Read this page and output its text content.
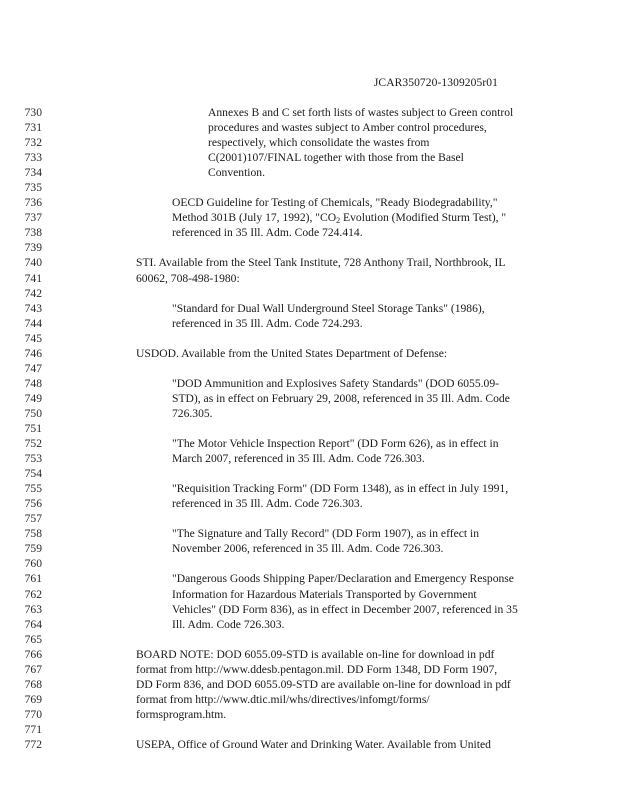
JCAR350720-1309205r01
730	Annexes B and C set forth lists of wastes subject to Green control
731	procedures and wastes subject to Amber control procedures,
732	respectively, which consolidate the wastes from
733	C(2001)107/FINAL together with those from the Basel
734	Convention.
735
736	OECD Guideline for Testing of Chemicals, "Ready Biodegradability,"
737	Method 301B (July 17, 1992), "$CO_2$ Evolution (Modified Sturm Test), "
738	referenced in 35 Ill. Adm. Code 724.414.
739
740	STI. Available from the Steel Tank Institute, 728 Anthony Trail, Northbrook, IL
741	60062, 708-498-1980:
742
743	"Standard for Dual Wall Underground Steel Storage Tanks" (1986),
744	referenced in 35 Ill. Adm. Code 724.293.
745
746	USDOD. Available from the United States Department of Defense:
747
748	"DOD Ammunition and Explosives Safety Standards" (DOD 6055.09-
749	STD), as in effect on February 29, 2008, referenced in 35 Ill. Adm. Code
750	726.305.
751
752	"The Motor Vehicle Inspection Report" (DD Form 626), as in effect in
753	March 2007, referenced in 35 Ill. Adm. Code 726.303.
754
755	"Requisition Tracking Form" (DD Form 1348), as in effect in July 1991,
756	referenced in 35 Ill. Adm. Code 726.303.
757
758	"The Signature and Tally Record" (DD Form 1907), as in effect in
759	November 2006, referenced in 35 Ill. Adm. Code 726.303.
760
761	"Dangerous Goods Shipping Paper/Declaration and Emergency Response
762	Information for Hazardous Materials Transported by Government
763	Vehicles" (DD Form 836), as in effect in December 2007, referenced in 35
764	Ill. Adm. Code 726.303.
765
766	BOARD NOTE: DOD 6055.09-STD is available on-line for download in pdf
767	format from http://www.ddesb.pentagon.mil. DD Form 1348, DD Form 1907,
768	DD Form 836, and DOD 6055.09-STD are available on-line for download in pdf
769	format from http://www.dtic.mil/whs/directives/infomgt/forms/
770	formsprogram.htm.
771
772	USEPA, Office of Ground Water and Drinking Water. Available from United
